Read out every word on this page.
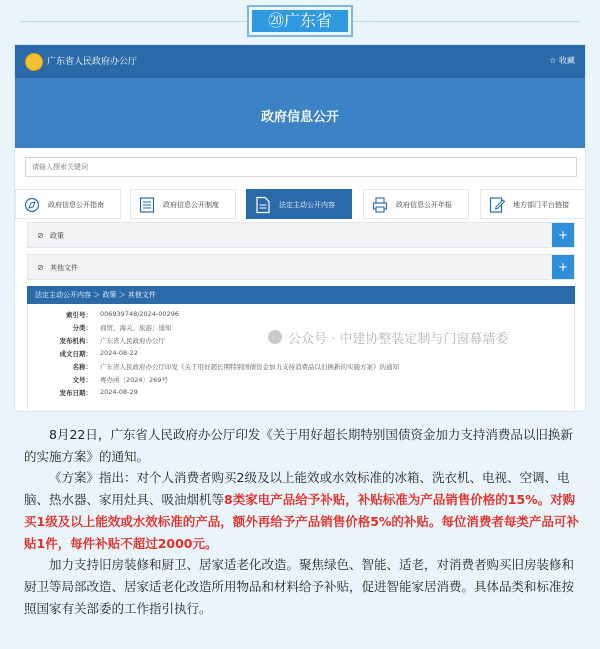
⑳广东省
广东省人民政府办公厅	☆ 收藏
政府信息公开
请输入搜索关键词
政府信息公开指南	政府信息公开制度	法定主动公开内容	政府信息公开年报	地方部门平台链接
⊘ 政策	+
⊘ 其他文件	+
法定主动公开内容 ＞ 政策 ＞ 其他文件
索引号： 006939748/2024-00296
分类： 商贸、海关、旅游；通知
发布机构： 广东省人民政府办公厅
成文日期： 2024-08-22
名称： 广东省人民政府办公厅印发《关于用好超长期特别国债资金加力支持消费品以旧换新的实施方案》的通知
文号： 粤办函〔2024〕269号
发布日期： 2024-08-29
公众号 · 中建协整装定制与门窗幕墙委

8月22日，广东省人民政府办公厅印发《关于用好超长期特别国债资金加力支持消费品以旧换新的实施方案》的通知。

《方案》指出：对个人消费者购买2级及以上能效或水效标准的冰箱、洗衣机、电视、空调、电脑、热水器、家用灶具、吸油烟机等8类家电产品给予补贴，补贴标准为产品销售价格的15%。对购买1级及以上能效或水效标准的产品，额外再给予产品销售价格5%的补贴。每位消费者每类产品可补贴1件，每件补贴不超过2000元。

加力支持旧房装修和厨卫、居家适老化改造。聚焦绿色、智能、适老，对消费者购买旧房装修和厨卫等局部改造、居家适老化改造所用物品和材料给予补贴，促进智能家居消费。具体品类和标准按照国家有关部委的工作指引执行。
